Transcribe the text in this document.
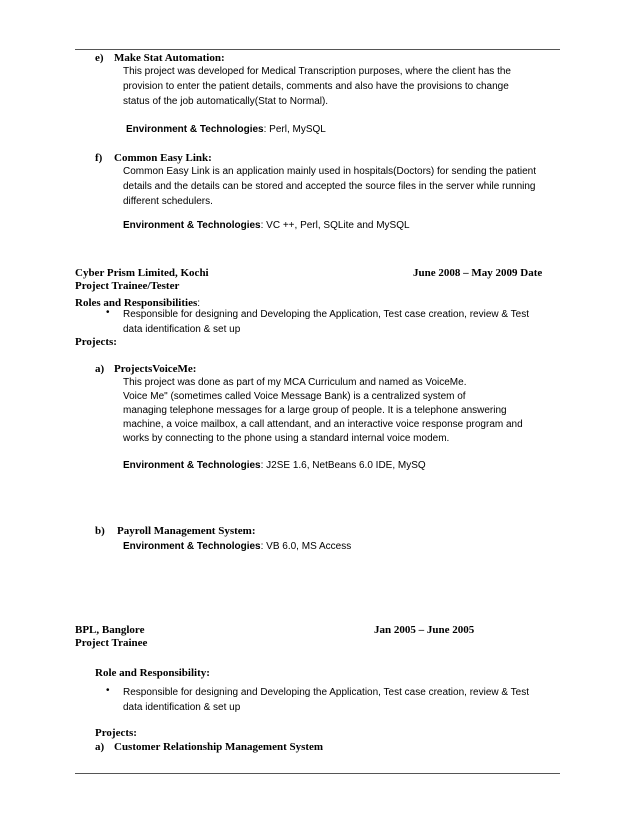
e) Make Stat Automation:
This project was developed for Medical Transcription purposes, where the client has the
provision to enter the patient details, comments and also have the provisions to change
status of the job automatically(Stat to Normal).
Environment & Technologies: Perl, MySQL
f) Common Easy Link:
Common Easy Link is an application mainly used in hospitals(Doctors) for sending the patient
details and the details can be stored and accepted the source files in the server while running
different schedulers.
Environment & Technologies: VC ++, Perl, SQLite and MySQL
Cyber Prism Limited, Kochi	June 2008 – May 2009 Date
Project Trainee/Tester
Roles and Responsibilities:
• Responsible for designing and Developing the Application, Test case creation, review & Test
data identification & set up
Projects:
a) ProjectsVoiceMe:
This project was done as part of my MCA Curriculum and named as VoiceMe.
Voice Me" (sometimes called Voice Message Bank) is a centralized system of
managing telephone messages for a large group of people. It is a telephone answering
machine, a voice mailbox, a call attendant, and an interactive voice response program and
works by connecting to the phone using a standard internal voice modem.
Environment & Technologies: J2SE 1.6, NetBeans 6.0 IDE, MySQ
b) Payroll Management System:
Environment & Technologies: VB 6.0, MS Access
BPL, Banglore	Jan 2005 – June 2005
Project Trainee
Role and Responsibility:
• Responsible for designing and Developing the Application, Test case creation, review & Test
data identification & set up
Projects:
a) Customer Relationship Management System
